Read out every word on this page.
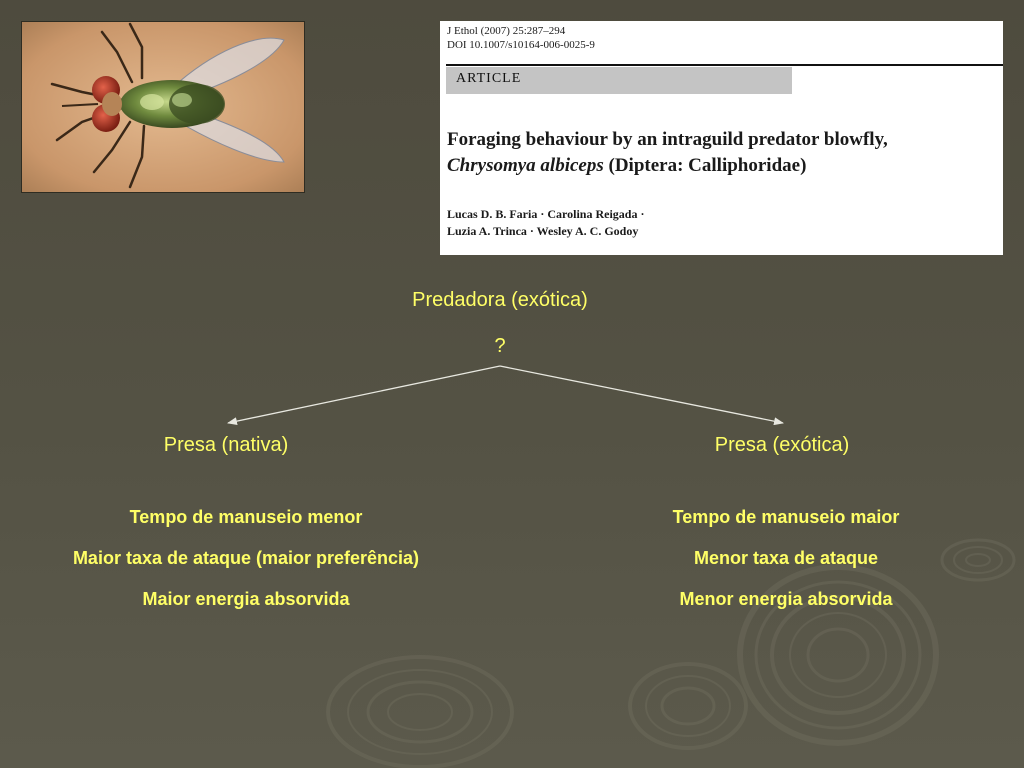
J Ethol (2007) 25:287–294
DOI 10.1007/s10164-006-0025-9
ARTICLE
Foraging behaviour by an intraguild predator blowfly,
Chrysomya albiceps (Diptera: Calliphoridae)
Lucas D. B. Faria · Carolina Reigada ·
Luzia A. Trinca · Wesley A. C. Godoy
Predadora (exótica)
?
Presa (nativa)	Presa (exótica)
Tempo de manuseio menor
Maior taxa de ataque (maior preferência)
Maior energia absorvida
Tempo de manuseio maior
Menor taxa de ataque
Menor energia absorvida
